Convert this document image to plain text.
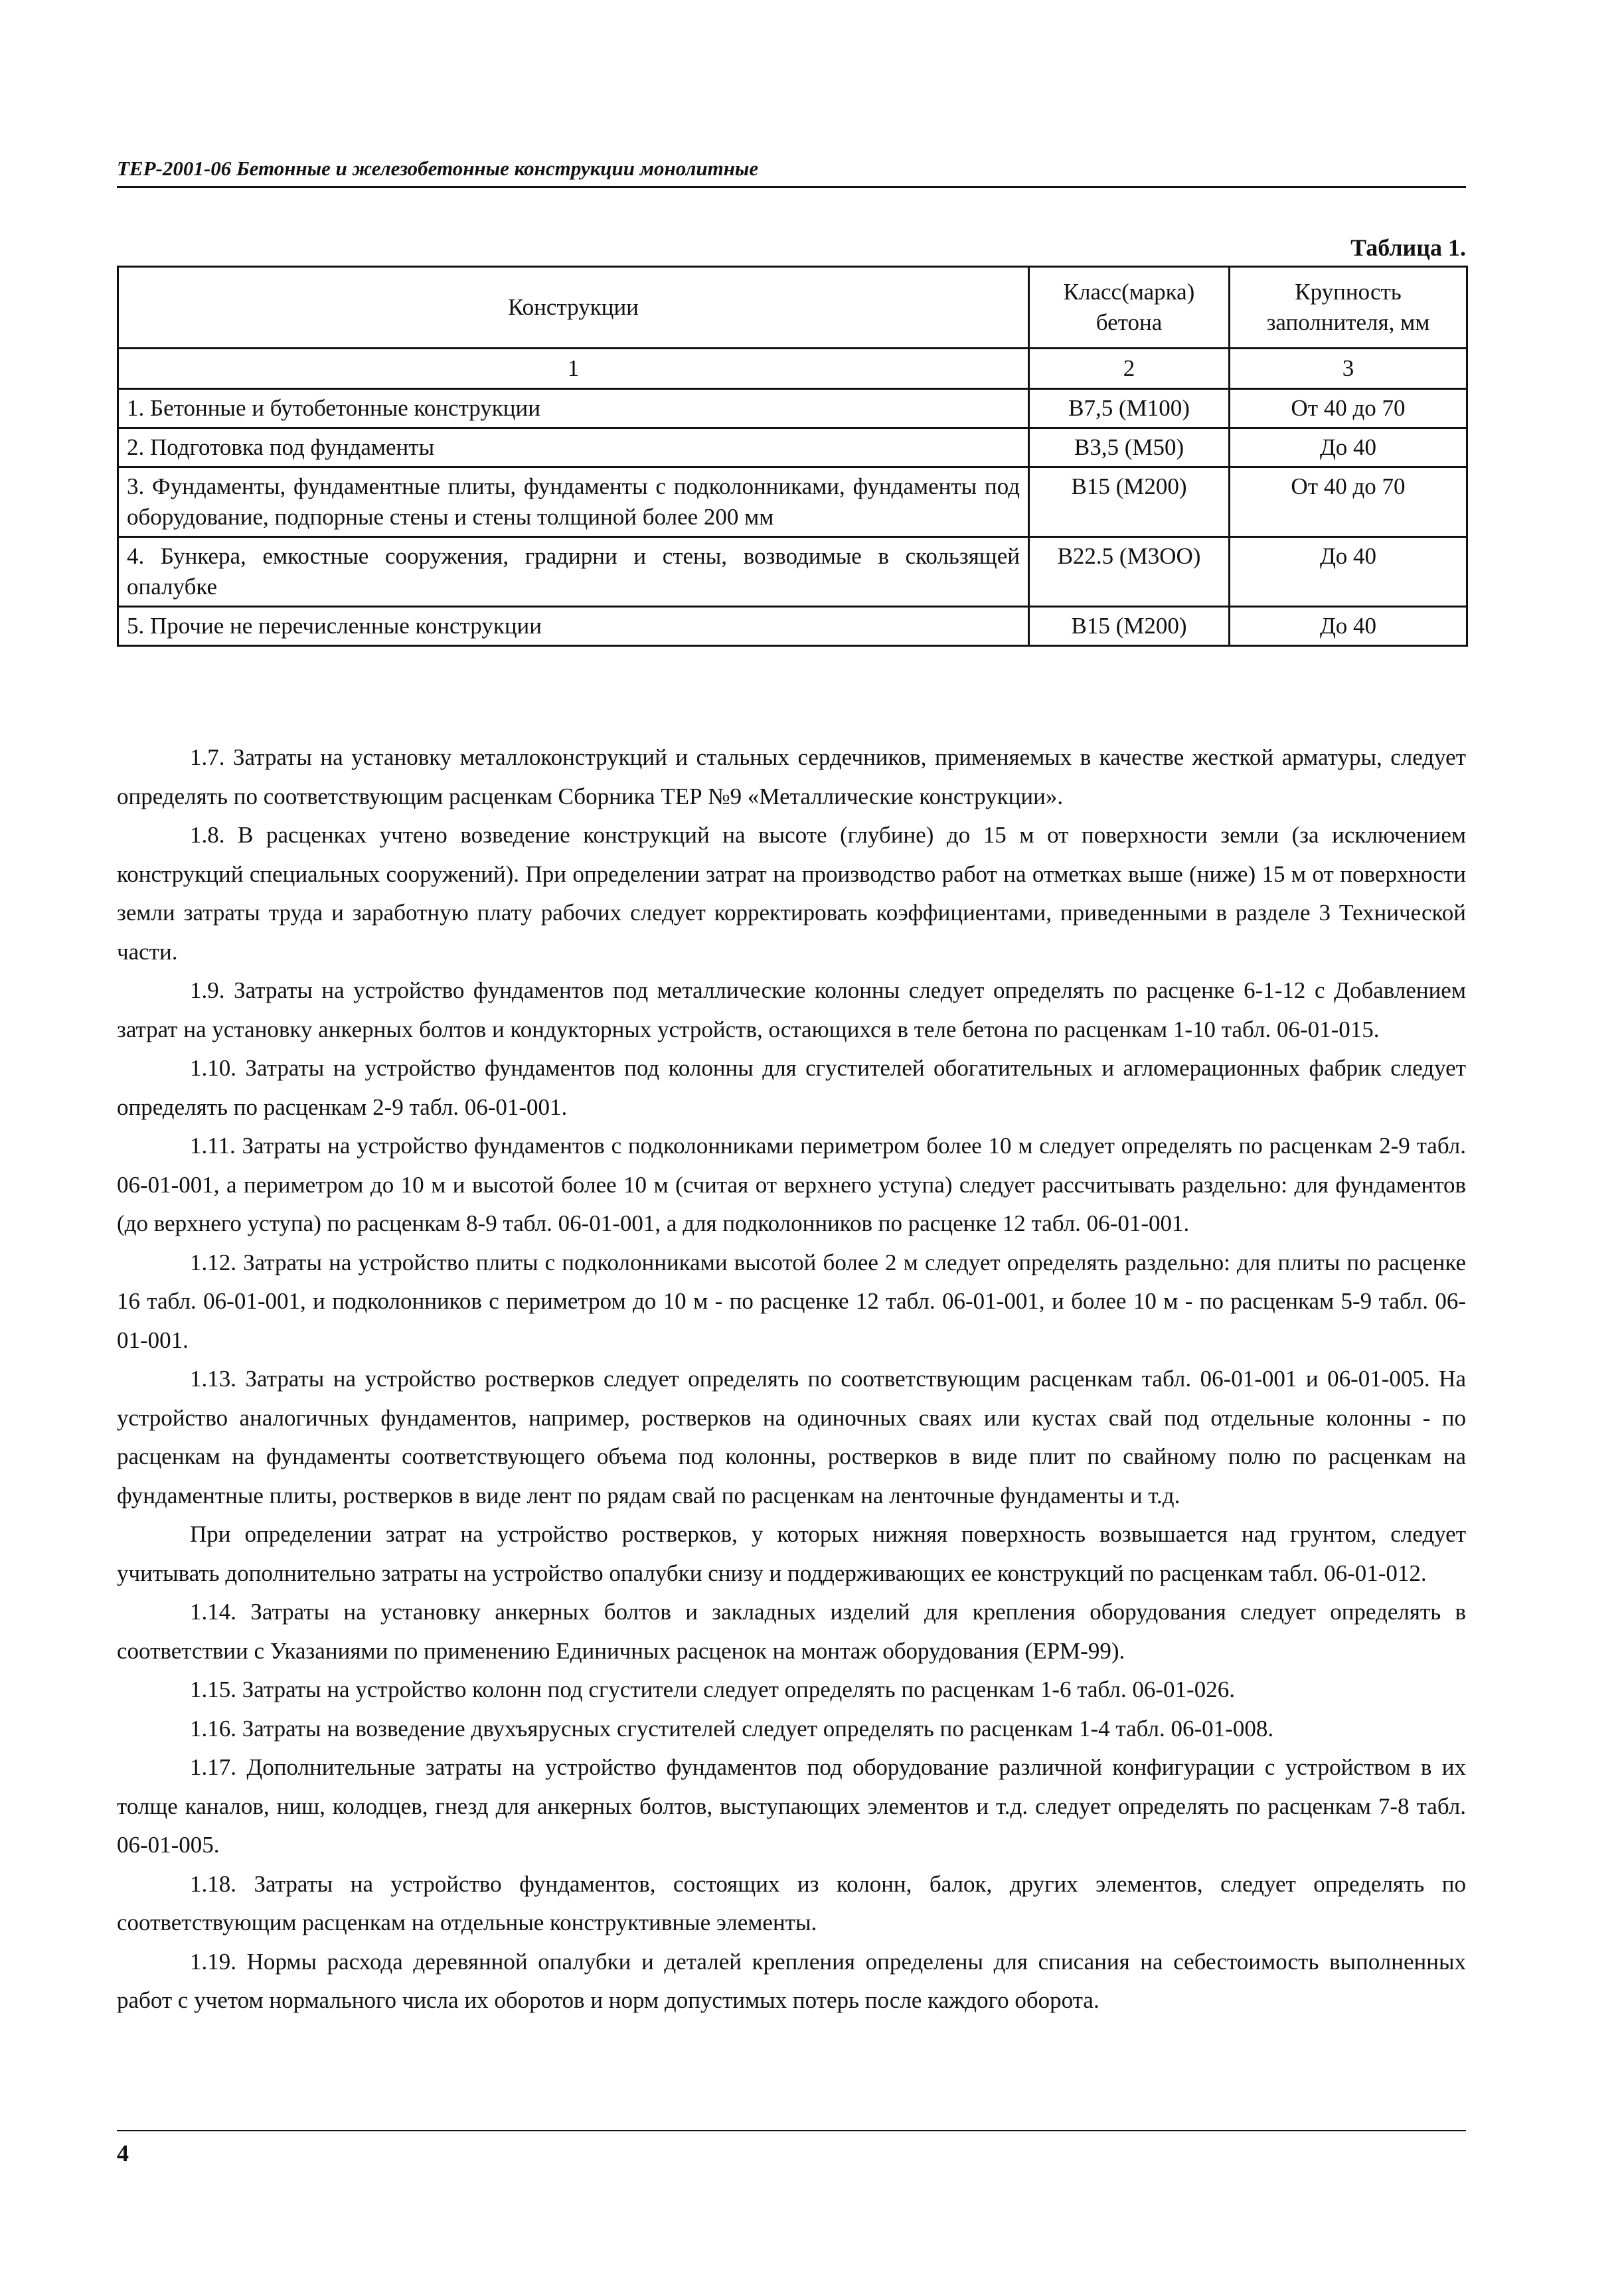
ТЕР-2001-06 Бетонные и железобетонные конструкции монолитные
Таблица 1.
Конструкции	Класс(марка) бетона	Крупность заполнителя, мм
1	2	3
1. Бетонные и бутобетонные конструкции	В7,5 (М100)	От 40 до 70
2. Подготовка под фундаменты	В3,5 (М50)	До 40
3. Фундаменты, фундаментные плиты, фундаменты с подколонниками, фундаменты под оборудование, подпорные стены и стены толщиной более 200 мм	В15 (М200)	От 40 до 70
4. Бункера, емкостные сооружения, градирни и стены, возводимые в скользящей опалубке	В22.5 (М3ОО)	До 40
5. Прочие не перечисленные конструкции	В15 (М200)	До 40

1.7. Затраты на установку металлоконструкций и стальных сердечников, применяемых в качестве жесткой арматуры, следует определять по соответствующим расценкам Сборника ТЕР №9 «Металлические конструкции».

1.8. В расценках учтено возведение конструкций на высоте (глубине) до 15 м от поверхности земли (за исключением конструкций специальных сооружений). При определении затрат на производство работ на отметках выше (ниже) 15 м от поверхности земли затраты труда и заработную плату рабочих следует корректировать коэффициентами, приведенными в разделе 3 Технической части.

1.9. Затраты на устройство фундаментов под металлические колонны следует определять по расценке 6-1-12 с Добавлением затрат на установку анкерных болтов и кондукторных устройств, остающихся в теле бетона по расценкам 1-10 табл. 06-01-015.

1.10. Затраты на устройство фундаментов под колонны для сгустителей обогатительных и агломерационных фабрик следует определять по расценкам 2-9 табл. 06-01-001.

1.11. Затраты на устройство фундаментов с подколонниками периметром более 10 м следует определять по расценкам 2-9 табл. 06-01-001, а периметром до 10 м и высотой более 10 м (считая от верхнего уступа) следует рассчитывать раздельно: для фундаментов (до верхнего уступа) по расценкам 8-9 табл. 06-01-001, а для подколонников по расценке 12 табл. 06-01-001.

1.12. Затраты на устройство плиты с подколонниками высотой более 2 м следует определять раздельно: для плиты по расценке 16 табл. 06-01-001, и подколонников с периметром до 10 м - по расценке 12 табл. 06-01-001, и более 10 м - по расценкам 5-9 табл. 06-01-001.

1.13. Затраты на устройство ростверков следует определять по соответствующим расценкам табл. 06-01-001 и 06-01-005. На устройство аналогичных фундаментов, например, ростверков на одиночных сваях или кустах свай под отдельные колонны - по расценкам на фундаменты соответствующего объема под колонны, ростверков в виде плит по свайному полю по расценкам на фундаментные плиты, ростверков в виде лент по рядам свай по расценкам на ленточные фундаменты и т.д.

При определении затрат на устройство ростверков, у которых нижняя поверхность возвышается над грунтом, следует учитывать дополнительно затраты на устройство опалубки снизу и поддерживающих ее конструкций по расценкам табл. 06-01-012.

1.14. Затраты на установку анкерных болтов и закладных изделий для крепления оборудования следует определять в соответствии с Указаниями по применению Единичных расценок на монтаж оборудования (ЕРМ-99).

1.15. Затраты на устройство колонн под сгустители следует определять по расценкам 1-6 табл. 06-01-026.

1.16. Затраты на возведение двухъярусных сгустителей следует определять по расценкам 1-4 табл. 06-01-008.

1.17. Дополнительные затраты на устройство фундаментов под оборудование различной конфигурации с устройством в их толще каналов, ниш, колодцев, гнезд для анкерных болтов, выступающих элементов и т.д. следует определять по расценкам 7-8 табл. 06-01-005.

1.18. Затраты на устройство фундаментов, состоящих из колонн, балок, других элементов, следует определять по соответствующим расценкам на отдельные конструктивные элементы.

1.19. Нормы расхода деревянной опалубки и деталей крепления определены для списания на себестоимость выполненных работ с учетом нормального числа их оборотов и норм допустимых потерь после каждого оборота.

4
